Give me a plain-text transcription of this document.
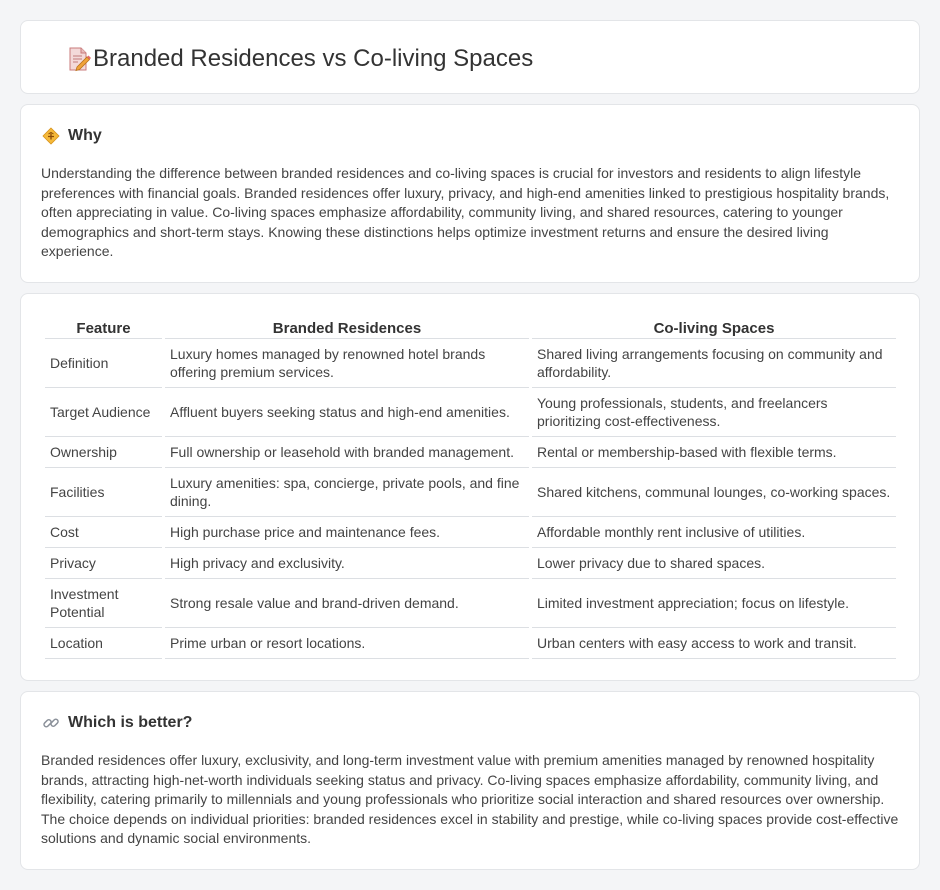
Branded Residences vs Co-living Spaces
Why

Understanding the difference between branded residences and co-living spaces is crucial for investors and residents to align lifestyle preferences with financial goals. Branded residences offer luxury, privacy, and high-end amenities linked to prestigious hospitality brands, often appreciating in value. Co-living spaces emphasize affordability, community living, and shared resources, catering to younger demographics and short-term stays. Knowing these distinctions helps optimize investment returns and ensure the desired living experience.

Feature	Branded Residences	Co-living Spaces
Definition	Luxury homes managed by renowned hotel brands offering premium services.	Shared living arrangements focusing on community and affordability.
Target Audience	Affluent buyers seeking status and high-end amenities.	Young professionals, students, and freelancers prioritizing cost-effectiveness.
Ownership	Full ownership or leasehold with branded management.	Rental or membership-based with flexible terms.
Facilities	Luxury amenities: spa, concierge, private pools, and fine dining.	Shared kitchens, communal lounges, co-working spaces.
Cost	High purchase price and maintenance fees.	Affordable monthly rent inclusive of utilities.
Privacy	High privacy and exclusivity.	Lower privacy due to shared spaces.
Investment Potential	Strong resale value and brand-driven demand.	Limited investment appreciation; focus on lifestyle.
Location	Prime urban or resort locations.	Urban centers with easy access to work and transit.
Which is better?

Branded residences offer luxury, exclusivity, and long-term investment value with premium amenities managed by renowned hospitality brands, attracting high-net-worth individuals seeking status and privacy. Co-living spaces emphasize affordability, community living, and flexibility, catering primarily to millennials and young professionals who prioritize social interaction and shared resources over ownership. The choice depends on individual priorities: branded residences excel in stability and prestige, while co-living spaces provide cost-effective solutions and dynamic social environments.
